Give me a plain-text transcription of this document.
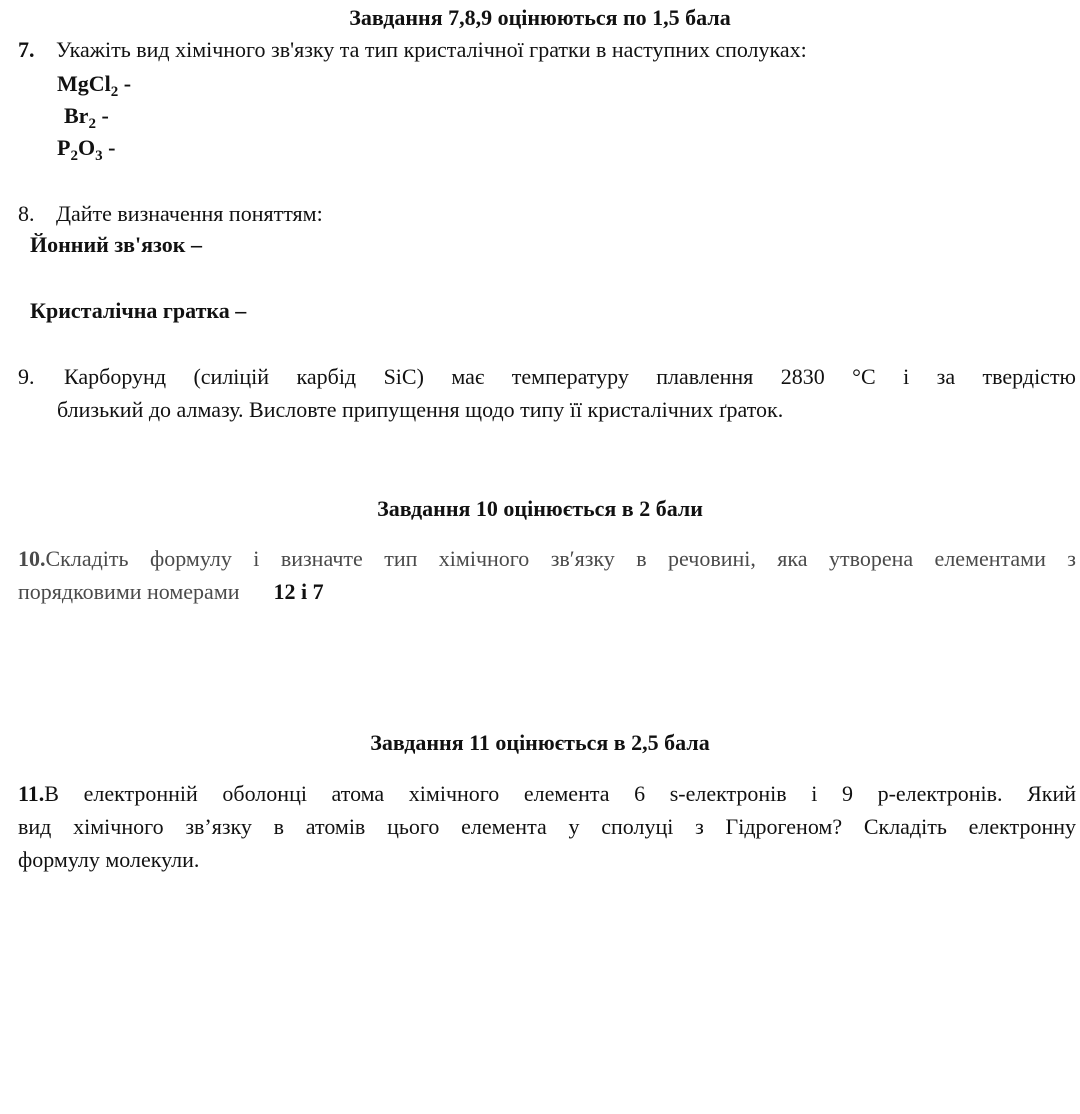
Завдання 7,8,9 оцінюються по 1,5 бала
7. Укажіть вид хімічного зв'язку та тип кристалічної гратки в наступних сполуках:
MgCl$_2$ -
$Br_2$ -
$P_2O_3$ -
8. Дайте визначення поняттям:
Йонний зв'язок –
Кристалічна гратка –
9. Карборунд (силіцій карбід SiC) має температуру плавлення 2830 °С і за твердістю
близький до алмазу. Висловте припущення щодо типу її кристалічних ґраток.
Завдання 10 оцінюється в 2 бали
10.Складіть формулу і визначте тип хімічного зв′язку в речовині, яка утворена елементами з
порядковими номерами 12 і 7
Завдання 11 оцінюється в 2,5 бала
11.В електронній оболонці атома хімічного елемента 6 s-електронів і 9 p-електронів. Який
вид хімічного зв’язку в атомів цього елемента у сполуці з Гідрогеном? Складіть електронну
формулу молекули.
